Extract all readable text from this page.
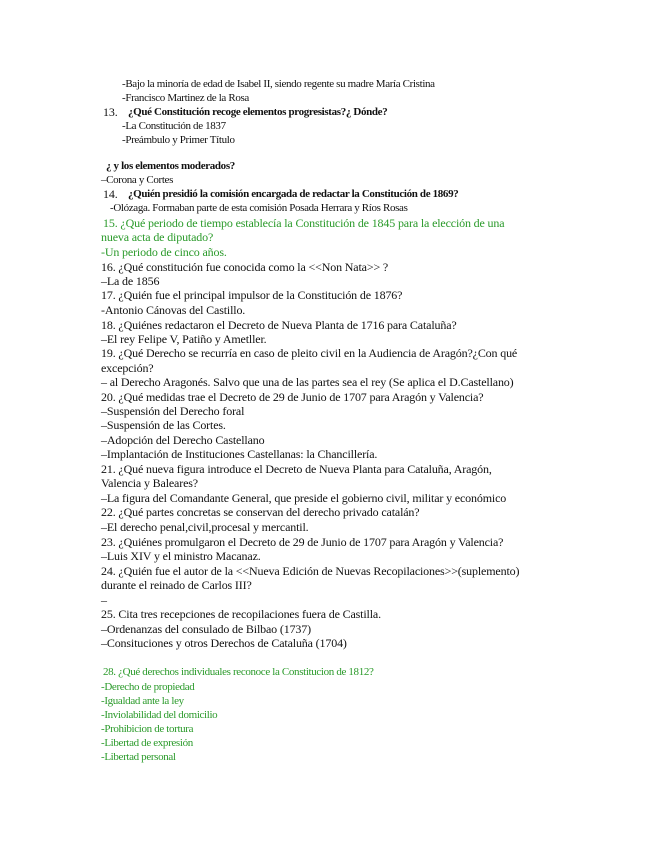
-Bajo la minoría de edad de Isabel II, siendo regente su madre María Cristina
-Francisco Martinez de la Rosa
13. ¿Qué Constitución recoge elementos progresistas?¿ Dónde?
-La Constitución de 1837
-Preámbulo y Primer Título
¿ y los elementos moderados?
–Corona y Cortes
14. ¿Quién presidió la comisión encargada de redactar la Constitución de 1869?
-Olózaga. Formaban parte de esta comisión Posada Herrara y Ríos Rosas
15. ¿Qué periodo de tiempo establecía la Constitución de 1845 para la elección de una
nueva acta de diputado?
-Un periodo de cinco años.
16. ¿Qué constitución fue conocida como la <<Non Nata>> ?
–La de 1856
17. ¿Quién fue el principal impulsor de la Constitución de 1876?
-Antonio Cánovas del Castillo.
18. ¿Quiénes redactaron el Decreto de Nueva Planta de 1716 para Cataluña?
–El rey Felipe V, Patiño y Ametller.
19. ¿Qué Derecho se recurría en caso de pleito civil en la Audiencia de Aragón?¿Con qué
excepción?
– al Derecho Aragonés. Salvo que una de las partes sea el rey (Se aplica el D.Castellano)
20. ¿Qué medidas trae el Decreto de 29 de Junio de 1707 para Aragón y Valencia?
–Suspensión del Derecho foral
–Suspensión de las Cortes.
–Adopción del Derecho Castellano
–Implantación de Instituciones Castellanas: la Chancillería.
21. ¿Qué nueva figura introduce el Decreto de Nueva Planta para Cataluña, Aragón,
Valencia y Baleares?
–La figura del Comandante General, que preside el gobierno civil, militar y económico
22. ¿Qué partes concretas se conservan del derecho privado catalán?
–El derecho penal,civil,procesal y mercantil.
23. ¿Quiénes promulgaron el Decreto de 29 de Junio de 1707 para Aragón y Valencia?
–Luis XIV y el ministro Macanaz.
24. ¿Quién fue el autor de la <<Nueva Edición de Nuevas Recopilaciones>>(suplemento)
durante el reinado de Carlos III?
–
25. Cita tres recepciones de recopilaciones fuera de Castilla.
–Ordenanzas del consulado de Bilbao (1737)
–Consituciones y otros Derechos de Cataluña (1704)
28. ¿Qué derechos individuales reconoce la Constitucion de 1812?
-Derecho de propiedad
-Igualdad ante la ley
-Inviolabilidad del domicilio
-Prohibicion de tortura
-Libertad de expresión
-Libertad personal
